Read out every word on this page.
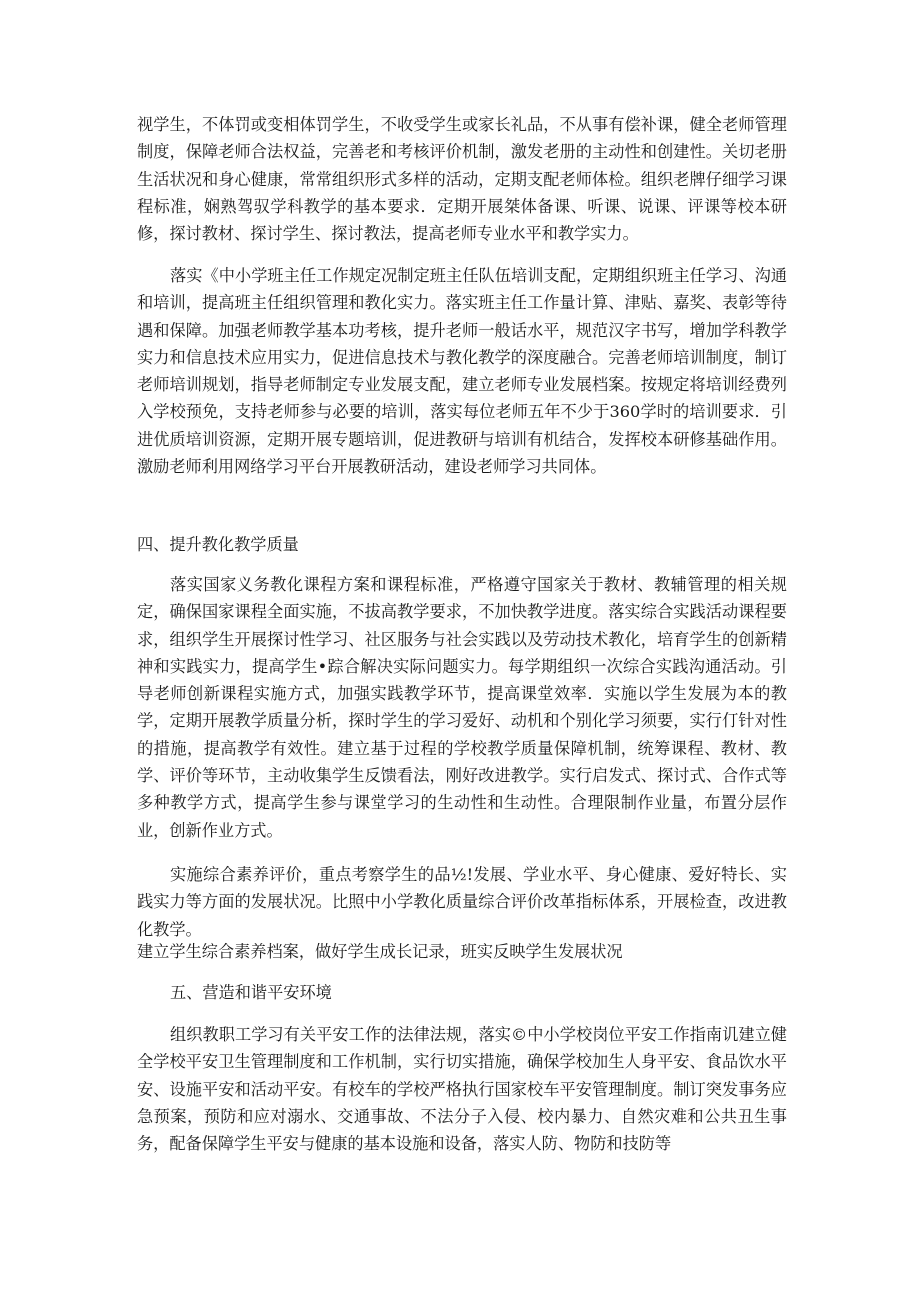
视学生，不体罚或变相体罚学生，不收受学生或家长礼品，不从事有偿补课，健全老师管理制度，保障老师合法权益，完善老和考核评价机制，激发老册的主动性和创建性。关切老册生活状况和身心健康，常常组织形式多样的活动，定期支配老师体检。组织老牌仔细学习课程标准，娴熟驾驭学科教学的基本要求．定期开展桀体备课、听课、说课、评课等校本研修，探讨教材、探讨学生、探讨教法，提高老师专业水平和教学实力。

落实《中小学班主任工作规定况制定班主任队伍培训支配，定期组织班主任学习、沟通和培训，提高班主任组织管理和教化实力。落实班主任工作量计算、津贴、嘉奖、表彰等待遇和保障。加强老师教学基本功考核，提升老师一般话水平，规范汉字书写，增加学科教学实力和信息技术应用实力，促进信息技术与教化教学的深度融合。完善老师培训制度，制订老师培训规划，指导老师制定专业发展支配，建立老师专业发展档案。按规定将培训经费列入学校预免，支持老师参与必要的培训，落实每位老师五年不少于360学时的培训要求．引进优质培训资源，定期开展专题培训，促进教研与培训有机结合，发挥校本研修基础作用。激励老师利用网络学习平台开展教研活动，建设老师学习共同体。

四、提升教化教学质量

落实国家义务教化课程方案和课程标准，严格遵守国家关于教材、教辅管理的相关规定，确保国家课程全面实施，不拔高教学要求，不加快教学进度。落实综合实践活动课程要求，组织学生开展探讨性学习、社区服务与社会实践以及劳动技术教化，培育学生的创新精神和实践实力，提高学生•踪合解决实际问题实力。每学期组织一次综合实践沟通活动。引导老师创新课程实施方式，加强实践教学环节，提高课堂效率．实施以学生发展为本的教学，定期开展教学质量分析，探时学生的学习爱好、动机和个别化学习须要，实行仃针对性的措施，提高教学有效性。建立基于过程的学校教学质量保障机制，统筹课程、教材、教学、评价等环节，主动收集学生反馈看法，刚好改进教学。实行启发式、探讨式、合作式等多种教学方式，提高学生参与课堂学习的生动性和生动性。合理限制作业量，布置分层作业，创新作业方式。

实施综合素养评价，重点考察学生的品½!发展、学业水平、身心健康、爱好特长、实践实力等方面的发展状况。比照中小学教化质量综合评价改革指标体系，开展检查，改进教化教学。

建立学生综合素养档案，做好学生成长记录，班实反映学生发展状况

五、营造和谐平安环境

组织教职工学习有关平安工作的法律法规，落实©中小学校岗位平安工作指南讥建立健全学校平安卫生管理制度和工作机制，实行切实措施，确保学校加生人身平安、食品饮水平安、设施平安和活动平安。有校车的学校严格执行国家校车平安管理制度。制订突发事务应急预案，预防和应对溺水、交通事故、不法分子入侵、校内暴力、自然灾难和公共丑生事务，配备保障学生平安与健康的基本设施和设备，落实人防、物防和技防等
